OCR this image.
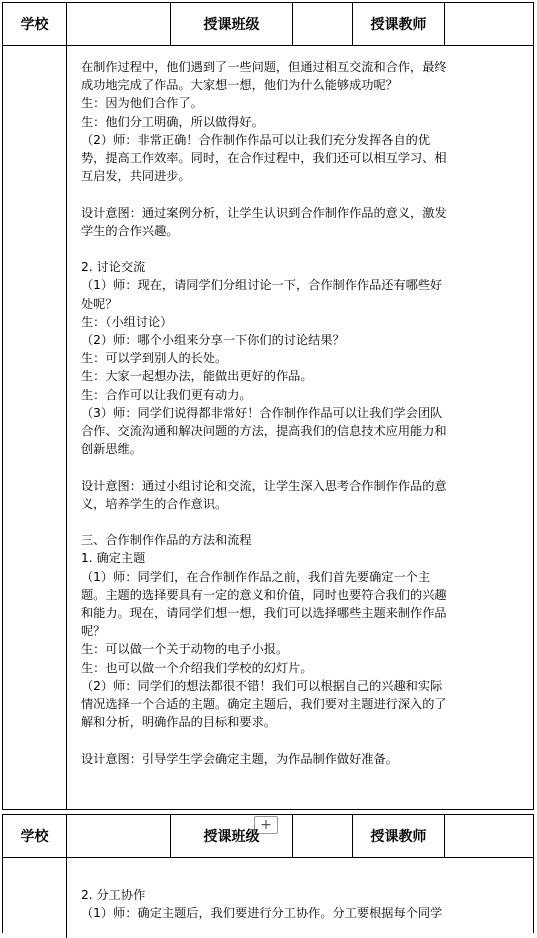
学校	授课班级	授课教师

在制作过程中，他们遇到了一些问题，但通过相互交流和合作，最终

成功地完成了作品。大家想一想，他们为什么能够成功呢？

生：因为他们合作了。

生：他们分工明确，所以做得好。

（2）师：非常正确！合作制作作品可以让我们充分发挥各自的优

势，提高工作效率。同时，在合作过程中，我们还可以相互学习、相

互启发，共同进步。

设计意图：通过案例分析，让学生认识到合作制作作品的意义，激发

学生的合作兴趣。

2. 讨论交流

（1）师：现在，请同学们分组讨论一下，合作制作作品还有哪些好

处呢？

生：（小组讨论）

（2）师：哪个小组来分享一下你们的讨论结果？

生：可以学到别人的长处。

生：大家一起想办法，能做出更好的作品。

生：合作可以让我们更有动力。

（3）师：同学们说得都非常好！合作制作作品可以让我们学会团队

合作、交流沟通和解决问题的方法，提高我们的信息技术应用能力和

创新思维。

设计意图：通过小组讨论和交流，让学生深入思考合作制作作品的意

义，培养学生的合作意识。

三、合作制作作品的方法和流程

1. 确定主题

（1）师：同学们，在合作制作作品之前，我们首先要确定一个主

题。主题的选择要具有一定的意义和价值，同时也要符合我们的兴趣

和能力。现在，请同学们想一想，我们可以选择哪些主题来制作作品

呢？

生：可以做一个关于动物的电子小报。

生：也可以做一个介绍我们学校的幻灯片。

（2）师：同学们的想法都很不错！我们可以根据自己的兴趣和实际

情况选择一个合适的主题。确定主题后，我们要对主题进行深入的了

解和分析，明确作品的目标和要求。

设计意图：引导学生学会确定主题，为作品制作做好准备。

+
学校	授课班级	授课教师

2. 分工协作

（1）师：确定主题后，我们要进行分工协作。分工要根据每个同学
